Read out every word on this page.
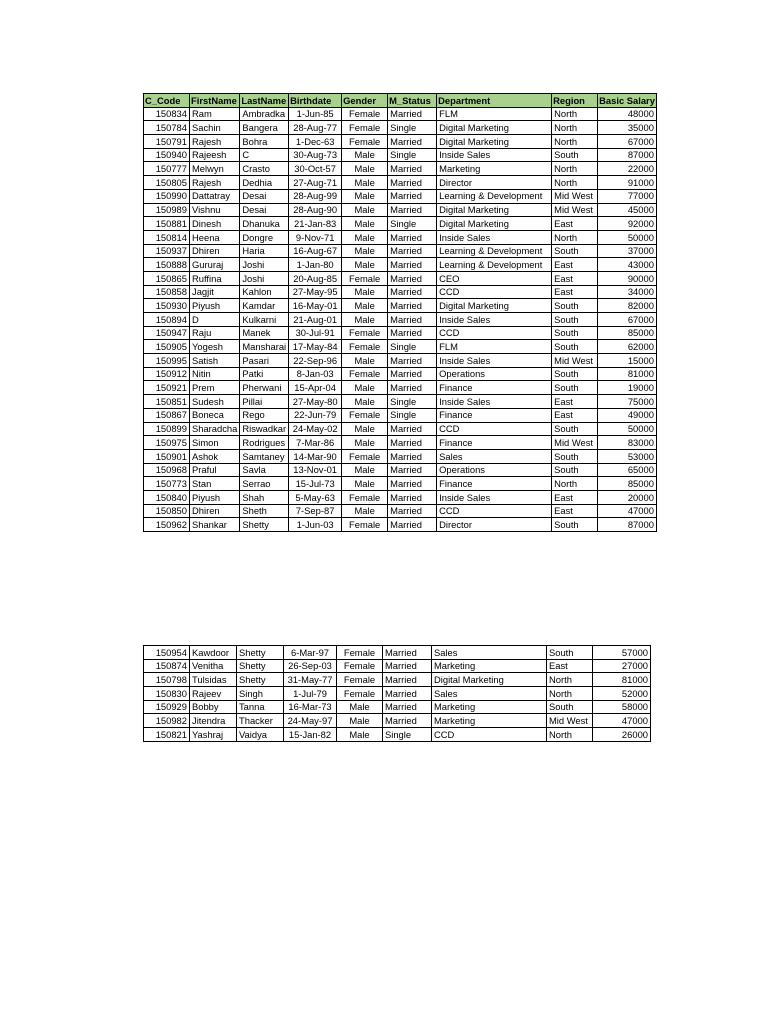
C_Code	FirstName	LastName	Birthdate	Gender	M_Status	Department	Region	Basic Salary
150834	Ram	Ambradka	1-Jun-85	Female	Married	FLM	North	48000
150784	Sachin	Bangera	28-Aug-77	Female	Single	Digital Marketing	North	35000
150791	Rajesh	Bohra	1-Dec-63	Female	Married	Digital Marketing	North	67000
150940	Rajeesh	C	30-Aug-73	Male	Single	Inside Sales	South	87000
150777	Melwyn	Crasto	30-Oct-57	Male	Married	Marketing	North	22000
150805	Rajesh	Dedhia	27-Aug-71	Male	Married	Director	North	91000
150990	Dattatray	Desai	28-Aug-99	Male	Married	Learning & Development	Mid West	77000
150989	Vishnu	Desai	28-Aug-90	Male	Married	Digital Marketing	Mid West	45000
150881	Dinesh	Dhanuka	21-Jan-83	Male	Single	Digital Marketing	East	92000
150814	Heena	Dongre	9-Nov-71	Male	Married	Inside Sales	North	50000
150937	Dhiren	Haria	16-Aug-67	Male	Married	Learning & Development	South	37000
150888	Gururaj	Joshi	1-Jan-80	Male	Married	Learning & Development	East	43000
150865	Ruffina	Joshi	20-Aug-85	Female	Married	CEO	East	90000
150858	Jagjit	Kahlon	27-May-95	Male	Married	CCD	East	34000
150930	Piyush	Kamdar	16-May-01	Male	Married	Digital Marketing	South	82000
150894	D	Kulkarni	21-Aug-01	Male	Married	Inside Sales	South	67000
150947	Raju	Manek	30-Jul-91	Female	Married	CCD	South	85000
150905	Yogesh	Mansharai	17-May-84	Female	Single	FLM	South	62000
150995	Satish	Pasari	22-Sep-96	Male	Married	Inside Sales	Mid West	15000
150912	Nitin	Patki	8-Jan-03	Female	Married	Operations	South	81000
150921	Prem	Pherwani	15-Apr-04	Male	Married	Finance	South	19000
150851	Sudesh	Pillai	27-May-80	Male	Single	Inside Sales	East	75000
150867	Boneca	Rego	22-Jun-79	Female	Single	Finance	East	49000
150899	Sharadcha	Riswadkar	24-May-02	Male	Married	CCD	South	50000
150975	Simon	Rodrigues	7-Mar-86	Male	Married	Finance	Mid West	83000
150901	Ashok	Samtaney	14-Mar-90	Female	Married	Sales	South	53000
150968	Praful	Savla	13-Nov-01	Male	Married	Operations	South	65000
150773	Stan	Serrao	15-Jul-73	Male	Married	Finance	North	85000
150840	Piyush	Shah	5-May-63	Female	Married	Inside Sales	East	20000
150850	Dhiren	Sheth	7-Sep-87	Male	Married	CCD	East	47000
150962	Shankar	Shetty	1-Jun-03	Female	Married	Director	South	87000
150954	Kawdoor	Shetty	6-Mar-97	Female	Married	Sales	South	57000
150874	Venitha	Shetty	26-Sep-03	Female	Married	Marketing	East	27000
150798	Tulsidas	Shetty	31-May-77	Female	Married	Digital Marketing	North	81000
150830	Rajeev	Singh	1-Jul-79	Female	Married	Sales	North	52000
150929	Bobby	Tanna	16-Mar-73	Male	Married	Marketing	South	58000
150982	Jitendra	Thacker	24-May-97	Male	Married	Marketing	Mid West	47000
150821	Yashraj	Vaidya	15-Jan-82	Male	Single	CCD	North	26000
